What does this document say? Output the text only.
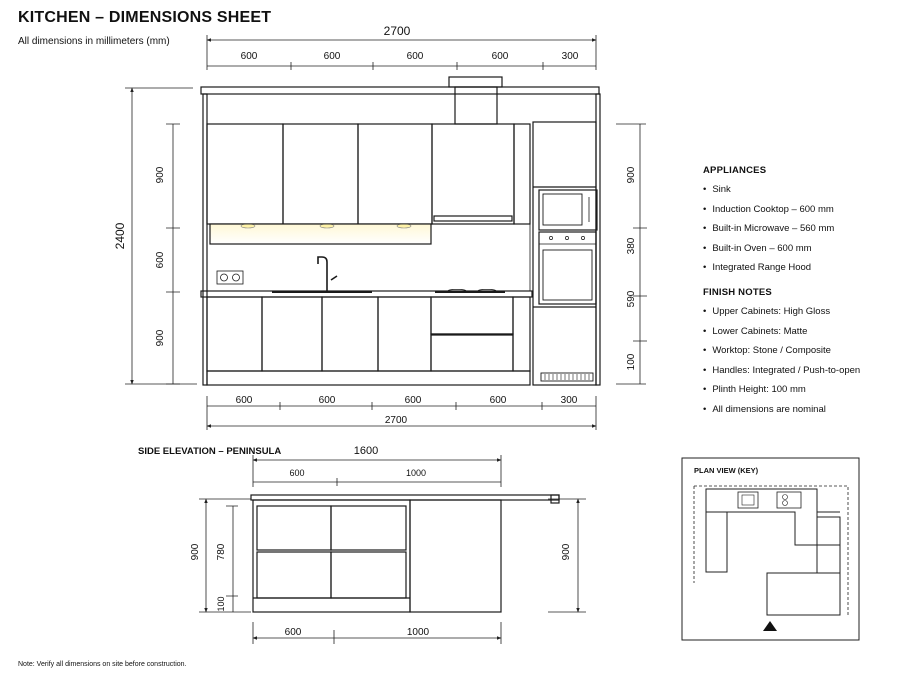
KITCHEN – DIMENSIONS SHEET

All dimensions in millimeters (mm)

2700
600	600	600	600	300
600	600	600	600	300
2700
2400
900
600
900
900
380
590
100
SIDE ELEVATION – PENINSULA	1600
600	1000
600	1000
900 780
100
900
PLAN VIEW (KEY)
APPLIANCES
• Sink
• Induction Cooktop – 600 mm
• Built-in Microwave – 560 mm
• Built-in Oven – 600 mm
• Integrated Range Hood
FINISH NOTES
• Upper Cabinets: High Gloss
• Lower Cabinets: Matte
• Worktop: Stone / Composite
• Handles: Integrated / Push-to-open
• Plinth Height: 100 mm
• All dimensions are nominal

Note: Verify all dimensions on site before construction.
